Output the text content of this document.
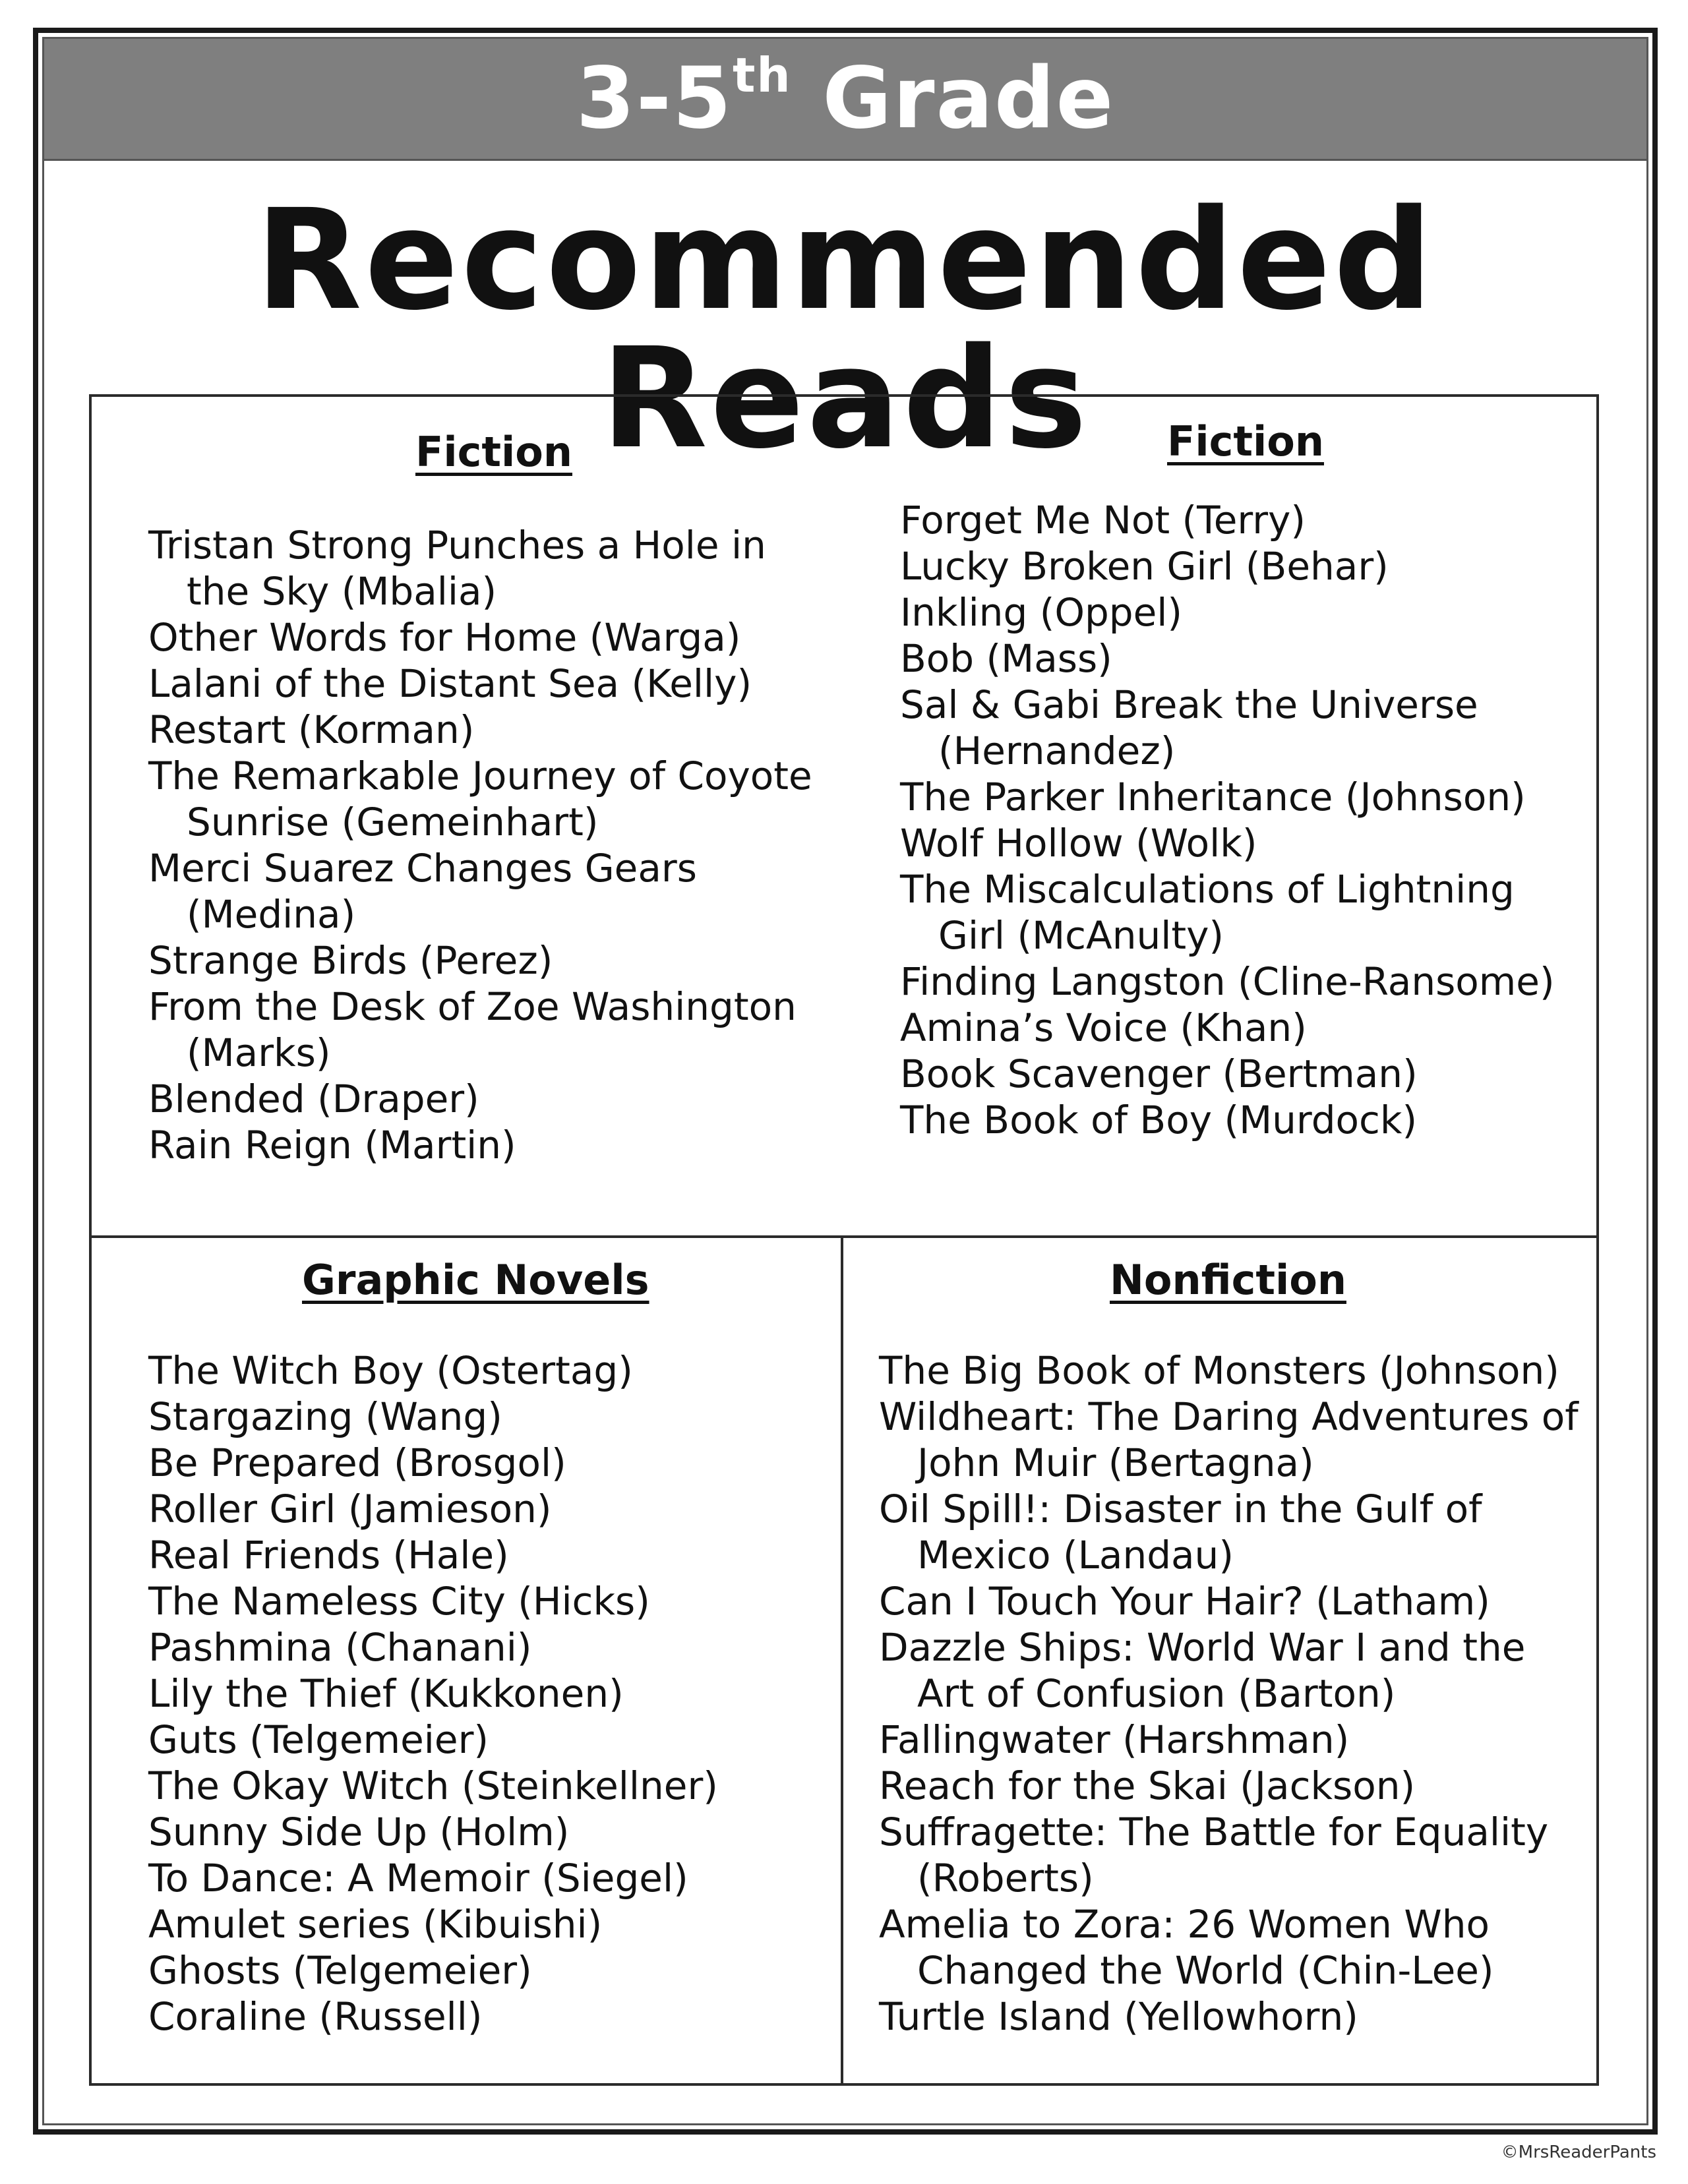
3-5th Grade
Recommended Reads
Fiction
Tristan Strong Punches a Hole in the Sky (Mbalia)
Other Words for Home (Warga)
Lalani of the Distant Sea (Kelly)
Restart (Korman)
The Remarkable Journey of Coyote Sunrise (Gemeinhart)
Merci Suarez Changes Gears (Medina)
Strange Birds (Perez)
From the Desk of Zoe Washington (Marks)
Blended (Draper)
Rain Reign (Martin)
Fiction
Forget Me Not (Terry)
Lucky Broken Girl (Behar)
Inkling (Oppel)
Bob (Mass)
Sal & Gabi Break the Universe (Hernandez)
The Parker Inheritance (Johnson)
Wolf Hollow (Wolk)
The Miscalculations of Lightning Girl (McAnulty)
Finding Langston (Cline-Ransome)
Amina’s Voice (Khan)
Book Scavenger (Bertman)
The Book of Boy (Murdock)
Graphic Novels
The Witch Boy (Ostertag)
Stargazing (Wang)
Be Prepared (Brosgol)
Roller Girl (Jamieson)
Real Friends (Hale)
The Nameless City (Hicks)
Pashmina (Chanani)
Lily the Thief (Kukkonen)
Guts (Telgemeier)
The Okay Witch (Steinkellner)
Sunny Side Up (Holm)
To Dance: A Memoir (Siegel)
Amulet series (Kibuishi)
Ghosts (Telgemeier)
Coraline (Russell)
Nonfiction
The Big Book of Monsters (Johnson)
Wildheart: The Daring Adventures of John Muir (Bertagna)
Oil Spill!: Disaster in the Gulf of Mexico (Landau)
Can I Touch Your Hair? (Latham)
Dazzle Ships: World War I and the Art of Confusion (Barton)
Fallingwater (Harshman)
Reach for the Skai (Jackson)
Suffragette: The Battle for Equality (Roberts)
Amelia to Zora: 26 Women Who Changed the World (Chin-Lee)
Turtle Island (Yellowhorn)
©MrsReaderPants
